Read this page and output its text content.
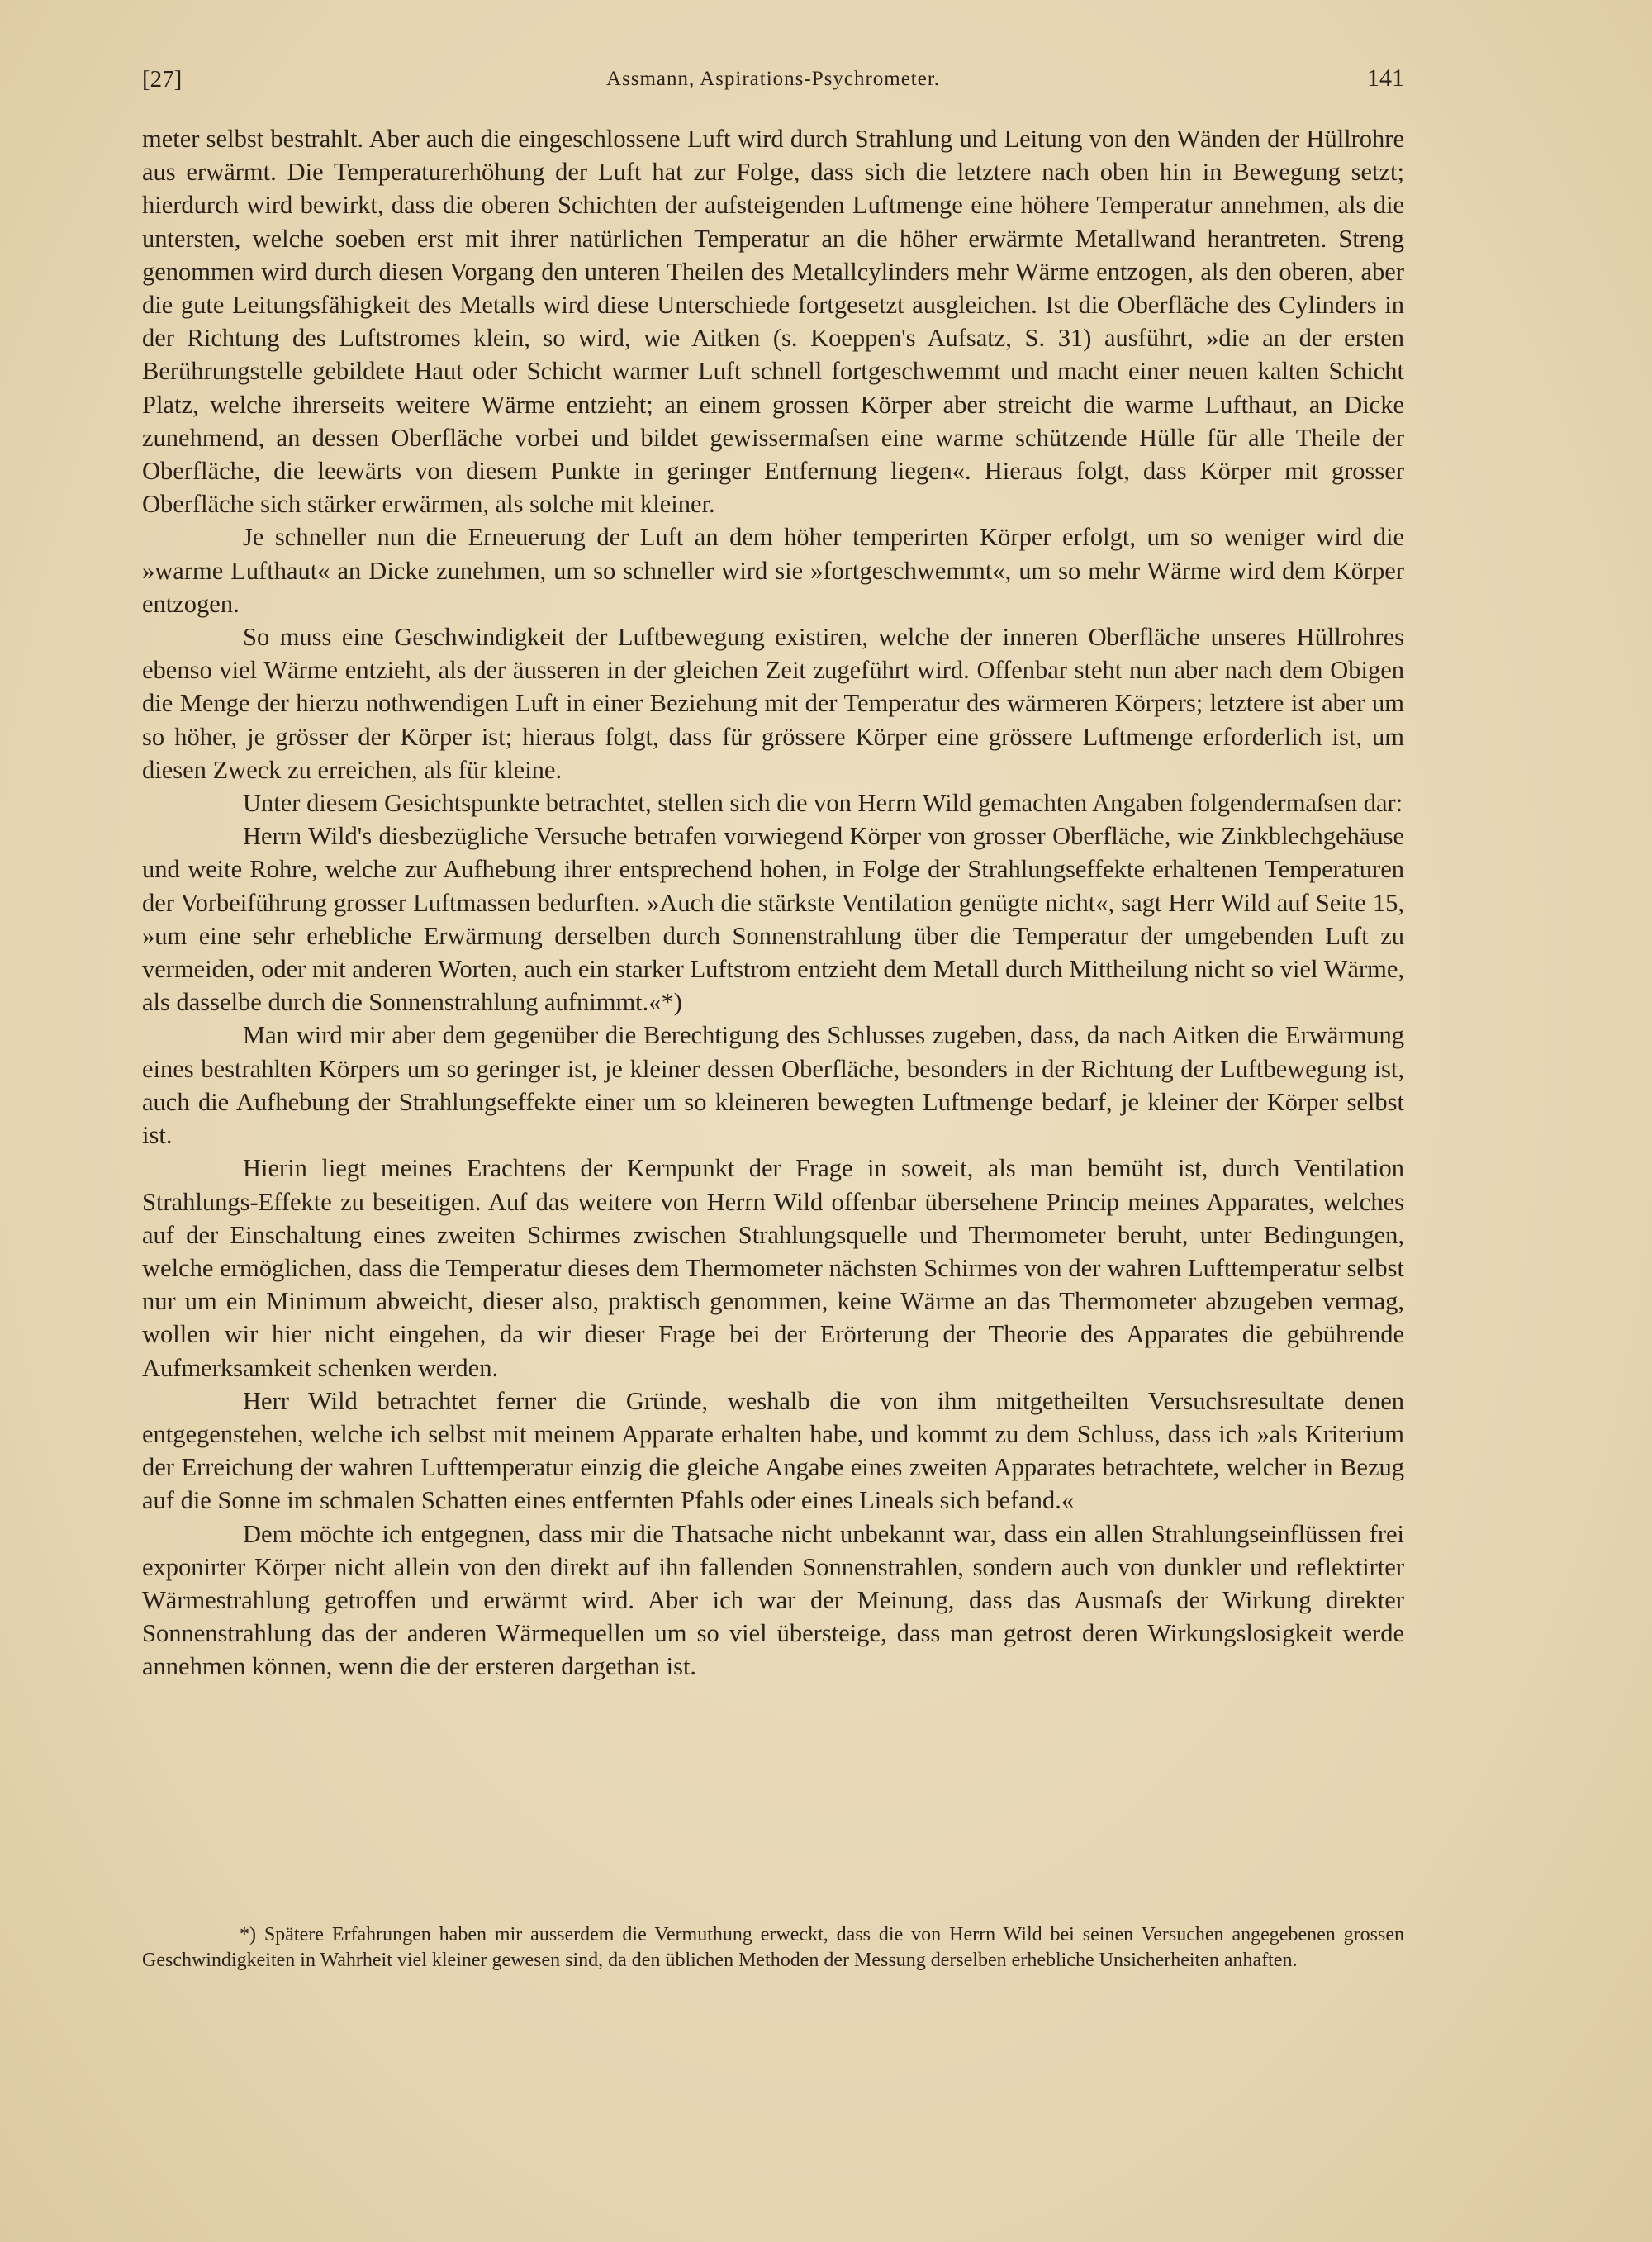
[27]	Assmann, Aspirations-Psychrometer.	141

meter selbst bestrahlt. Aber auch die eingeschlossene Luft wird durch Strahlung und Leitung von den Wänden der Hüllrohre aus erwärmt. Die Temperaturerhöhung der Luft hat zur Folge, dass sich die letztere nach oben hin in Bewegung setzt; hierdurch wird bewirkt, dass die oberen Schichten der aufsteigenden Luftmenge eine höhere Temperatur annehmen, als die untersten, welche soeben erst mit ihrer natürlichen Temperatur an die höher erwärmte Metallwand herantreten. Streng genommen wird durch diesen Vorgang den unteren Theilen des Metallcylinders mehr Wärme entzogen, als den oberen, aber die gute Leitungsfähigkeit des Metalls wird diese Unterschiede fortgesetzt ausgleichen. Ist die Oberfläche des Cylinders in der Richtung des Luftstromes klein, so wird, wie Aitken (s. Koeppen's Aufsatz, S. 31) ausführt, »die an der ersten Berührungstelle gebildete Haut oder Schicht warmer Luft schnell fortgeschwemmt und macht einer neuen kalten Schicht Platz, welche ihrerseits weitere Wärme entzieht; an einem grossen Körper aber streicht die warme Lufthaut, an Dicke zunehmend, an dessen Oberfläche vorbei und bildet gewissermaſsen eine warme schützende Hülle für alle Theile der Oberfläche, die leewärts von diesem Punkte in geringer Entfernung liegen«. Hieraus folgt, dass Körper mit grosser Oberfläche sich stärker erwärmen, als solche mit kleiner.

Je schneller nun die Erneuerung der Luft an dem höher temperirten Körper erfolgt, um so weniger wird die »warme Lufthaut« an Dicke zunehmen, um so schneller wird sie »fortgeschwemmt«, um so mehr Wärme wird dem Körper entzogen.

So muss eine Geschwindigkeit der Luftbewegung existiren, welche der inneren Oberfläche unseres Hüllrohres ebenso viel Wärme entzieht, als der äusseren in der gleichen Zeit zugeführt wird. Offenbar steht nun aber nach dem Obigen die Menge der hierzu nothwendigen Luft in einer Beziehung mit der Temperatur des wärmeren Körpers; letztere ist aber um so höher, je grösser der Körper ist; hieraus folgt, dass für grössere Körper eine grössere Luftmenge erforderlich ist, um diesen Zweck zu erreichen, als für kleine.

Unter diesem Gesichtspunkte betrachtet, stellen sich die von Herrn Wild gemachten Angaben folgendermaſsen dar:

Herrn Wild's diesbezügliche Versuche betrafen vorwiegend Körper von grosser Oberfläche, wie Zinkblechgehäuse und weite Rohre, welche zur Aufhebung ihrer entsprechend hohen, in Folge der Strahlungseffekte erhaltenen Temperaturen der Vorbeiführung grosser Luftmassen bedurften. »Auch die stärkste Ventilation genügte nicht«, sagt Herr Wild auf Seite 15, »um eine sehr erhebliche Erwärmung derselben durch Sonnenstrahlung über die Temperatur der umgebenden Luft zu vermeiden, oder mit anderen Worten, auch ein starker Luftstrom entzieht dem Metall durch Mittheilung nicht so viel Wärme, als dasselbe durch die Sonnenstrahlung aufnimmt.«*)

Man wird mir aber dem gegenüber die Berechtigung des Schlusses zugeben, dass, da nach Aitken die Erwärmung eines bestrahlten Körpers um so geringer ist, je kleiner dessen Oberfläche, besonders in der Richtung der Luftbewegung ist, auch die Aufhebung der Strahlungseffekte einer um so kleineren bewegten Luftmenge bedarf, je kleiner der Körper selbst ist.

Hierin liegt meines Erachtens der Kernpunkt der Frage in soweit, als man bemüht ist, durch Ventilation Strahlungs-Effekte zu beseitigen. Auf das weitere von Herrn Wild offenbar übersehene Princip meines Apparates, welches auf der Einschaltung eines zweiten Schirmes zwischen Strahlungsquelle und Thermometer beruht, unter Bedingungen, welche ermöglichen, dass die Temperatur dieses dem Thermometer nächsten Schirmes von der wahren Lufttemperatur selbst nur um ein Minimum abweicht, dieser also, praktisch genommen, keine Wärme an das Thermometer abzugeben vermag, wollen wir hier nicht eingehen, da wir dieser Frage bei der Erörterung der Theorie des Apparates die gebührende Aufmerksamkeit schenken werden.

Herr Wild betrachtet ferner die Gründe, weshalb die von ihm mitgetheilten Versuchsresultate denen entgegenstehen, welche ich selbst mit meinem Apparate erhalten habe, und kommt zu dem Schluss, dass ich »als Kriterium der Erreichung der wahren Lufttemperatur einzig die gleiche Angabe eines zweiten Apparates betrachtete, welcher in Bezug auf die Sonne im schmalen Schatten eines entfernten Pfahls oder eines Lineals sich befand.«

Dem möchte ich entgegnen, dass mir die Thatsache nicht unbekannt war, dass ein allen Strahlungseinflüssen frei exponirter Körper nicht allein von den direkt auf ihn fallenden Sonnenstrahlen, sondern auch von dunkler und reflektirter Wärmestrahlung getroffen und erwärmt wird. Aber ich war der Meinung, dass das Ausmaſs der Wirkung direkter Sonnenstrahlung das der anderen Wärmequellen um so viel übersteige, dass man getrost deren Wirkungslosigkeit werde annehmen können, wenn die der ersteren dargethan ist.

*) Spätere Erfahrungen haben mir ausserdem die Vermuthung erweckt, dass die von Herrn Wild bei seinen Versuchen angegebenen grossen Geschwindigkeiten in Wahrheit viel kleiner gewesen sind, da den üblichen Methoden der Messung derselben erhebliche Unsicherheiten anhaften.
